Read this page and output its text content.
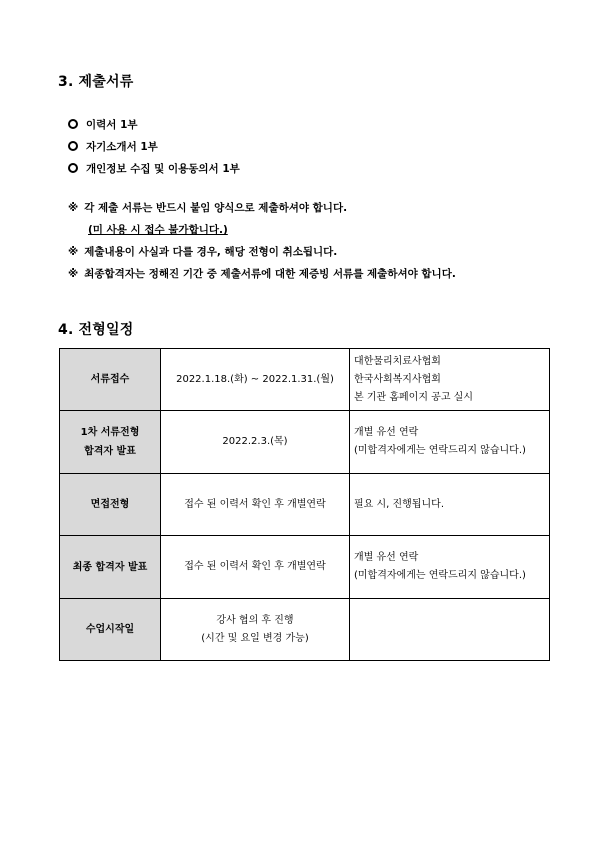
3. 제출서류
이력서 1부
자기소개서 1부
개인정보 수집 및 이용동의서 1부
※ 각 제출 서류는 반드시 붙임 양식으로 제출하셔야 합니다.
(미 사용 시 접수 불가합니다.)
※ 제출내용이 사실과 다를 경우, 해당 전형이 취소됩니다.
※ 최종합격자는 정해진 기간 중 제출서류에 대한 제증빙 서류를 제출하셔야 합니다.
4. 전형일정
서류접수	2022.1.18.(화) ~ 2022.1.31.(월)	대한물리치료사협회
한국사회복지사협회
본 기관 홈페이지 공고 실시

1차 서류전형
합격자 발표	2022.2.3.(목)	개별 유선 연락
(미합격자에게는 연락드리지 않습니다.)

면접전형	접수 된 이력서 확인 후 개별연락	필요 시, 진행됩니다.

최종 합격자 발표	접수 된 이력서 확인 후 개별연락	개별 유선 연락
(미합격자에게는 연락드리지 않습니다.)

수업시작일	강사 협의 후 진행
(시간 및 요일 변경 가능)	
